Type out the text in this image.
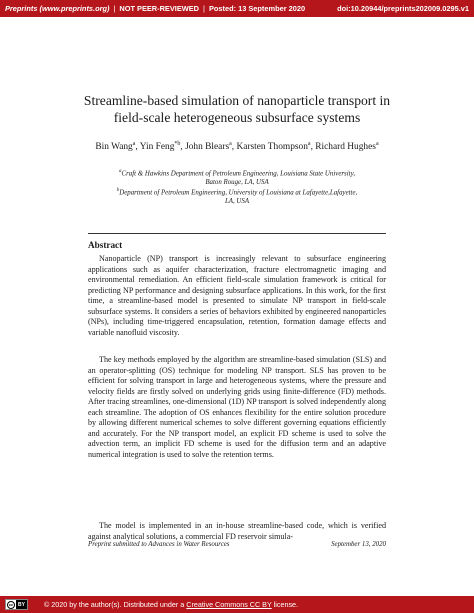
Preprints (www.preprints.org) | NOT PEER-REVIEWED | Posted: 13 September 2020	doi:10.20944/preprints202009.0295.v1
Streamline-based simulation of nanoparticle transport in
field-scale heterogeneous subsurface systems
Bin Wang$^a$, Yin Feng$^{*b}$, John Blears$^a$, Karsten Thompson$^a$, Richard Hughes$^a$
$^a$Craft & Hawkins Department of Petroleum Engineering, Louisiana State University,
Baton Rouge, LA, USA
$^b$Department of Petroleum Engineering, University of Louisiana at Lafayette,Lafayette,
LA, USA
Abstract

Nanoparticle (NP) transport is increasingly relevant to subsurface engineering applications such as aquifer characterization, fracture electromagnetic imaging and environmental remediation. An efficient field-scale simulation framework is critical for predicting NP performance and designing subsurface applications. In this work, for the first time, a streamline-based model is presented to simulate NP transport in field-scale subsurface systems. It considers a series of behaviors exhibited by engineered nanoparticles (NPs), including time-triggered encapsulation, retention, formation damage effects and variable nanofluid viscosity.

The key methods employed by the algorithm are streamline-based simulation (SLS) and an operator-splitting (OS) technique for modeling NP transport. SLS has proven to be efficient for solving transport in large and heterogeneous systems, where the pressure and velocity fields are firstly solved on underlying grids using finite-difference (FD) methods. After tracing streamlines, one-dimensional (1D) NP transport is solved independently along each streamline. The adoption of OS enhances flexibility for the entire solution procedure by allowing different numerical schemes to solve different governing equations efficiently and accurately. For the NP transport model, an explicit FD scheme is used to solve the advection term, an implicit FD scheme is used for the diffusion term and an adaptive numerical integration is used to solve the retention terms.

The model is implemented in an in-house streamline-based code, which is verified against analytical solutions, a commercial FD reservoir simula-

Preprint submitted to Advances in Water Resources	September 13, 2020
cc BY	© 2020 by the author(s). Distributed under a Creative Commons CC BY license.
